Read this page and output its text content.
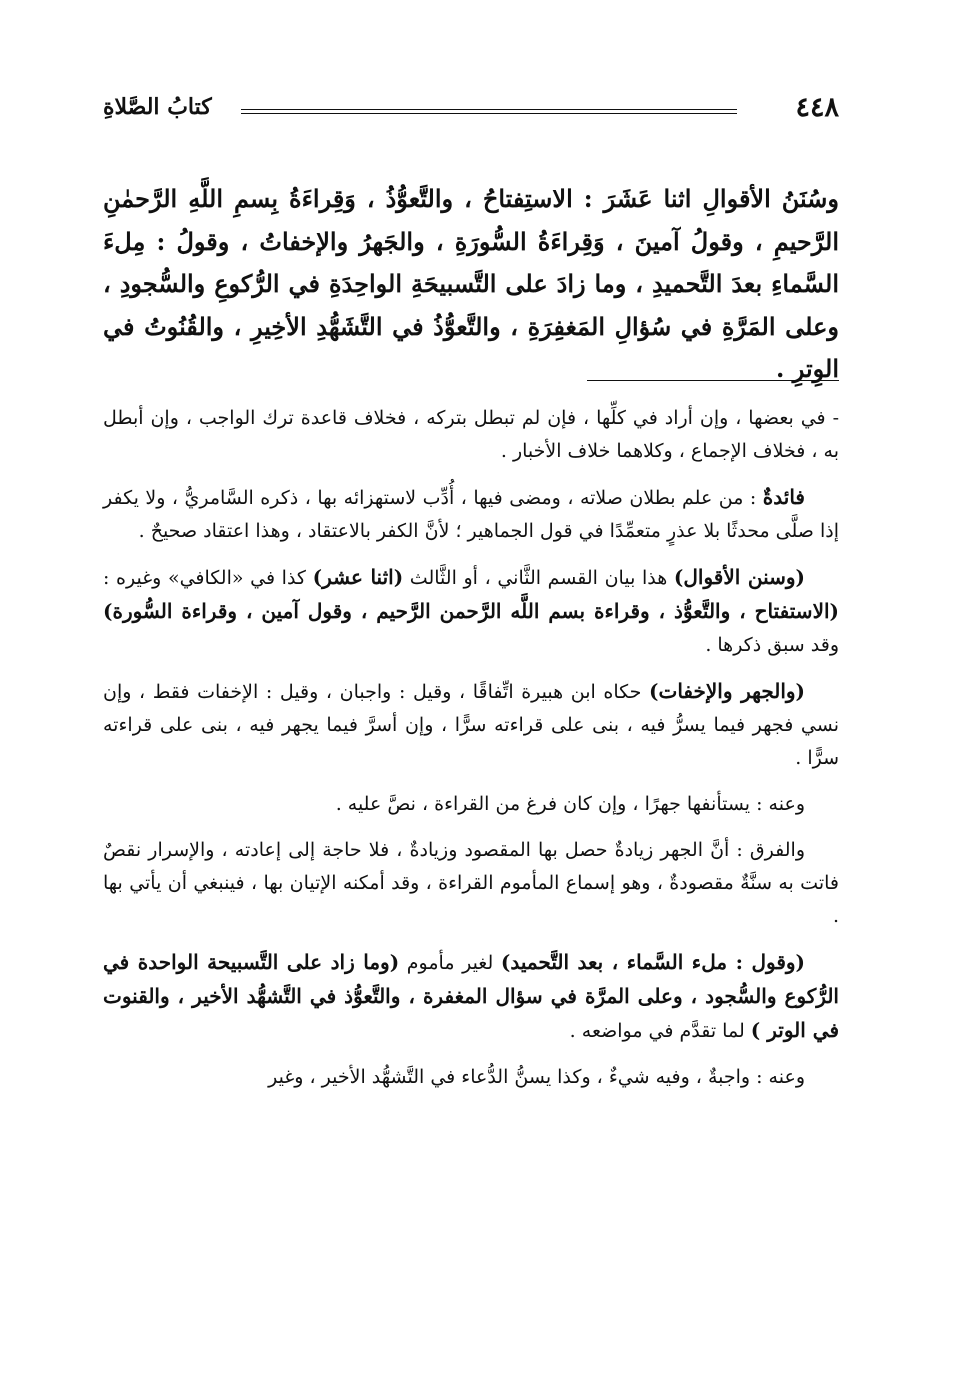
٤٤٨
كتابُ الصَّلاةِ
وسُنَنُ الأقوالِ اثنا عَشَرَ : الاستِفتاحُ ، والتَّعوُّذُ ، وَقِراءَةُ بِسمِ اللَّهِ الرَّحمٰنِ الرَّحيمِ ، وقولُ آمينَ ، وَقِراءَةُ السُّورَةِ ، والجَهرُ والإخفاتُ ، وقولُ : مِلءَ السَّماءِ بعدَ التَّحميدِ ، وما زادَ على التَّسبيحَةِ الواحِدَةِ في الرُّكوعِ والسُّجودِ ، وعلى المَرَّةِ في سُؤالِ المَغفِرَةِ ، والتَّعوُّذُ في التَّشَهُّدِ الأخِيرِ ، والقُنُوتُ في الوِترِ .

- في بعضها ، وإن أراد في كلِّها ، فإن لم تبطل بتركه ، فخلاف قاعدة ترك الواجب ، وإن أبطل به ، فخلاف الإجماع ، وكلاهما خلاف الأخبار .

فائدةٌ : من علم بطلان صلاته ، ومضى فيها ، أُدِّب لاستهزائه بها ، ذكره السَّامريُّ ، ولا يكفر إذا صلَّى محدثًا بلا عذرٍ متعمِّدًا في قول الجماهير ؛ لأنَّ الكفر بالاعتقاد ، وهذا اعتقاد صحيحٌ .

(وسنن الأقوال) هذا بيان القسم الثَّاني ، أو الثَّالث (اثنا عشر) كذا في «الكافي» وغيره : (الاستفتاح ، والتَّعوُّذ ، وقراءة بسم اللَّه الرَّحمن الرَّحيم ، وقول آمين ، وقراءة السُّورة) وقد سبق ذكرها .

(والجهر والإخفات) حكاه ابن هبيرة اتِّفاقًا ، وقيل : واجبان ، وقيل : الإخفات فقط ، وإن نسي فجهر فيما يسرُّ فيه ، بنى على قراءته سرًّا ، وإن أسرَّ فيما يجهر فيه ، بنى على قراءته سرًّا .

وعنه : يستأنفها جهرًا ، وإن كان فرغ من القراءة ، نصَّ عليه .

والفرق : أنَّ الجهر زيادةٌ حصل بها المقصود وزيادةٌ ، فلا حاجة إلى إعادته ، والإسرار نقصٌ فاتت به سنَّةٌ مقصودةٌ ، وهو إسماع المأموم القراءة ، وقد أمكنه الإتيان بها ، فينبغي أن يأتي بها .

(وقول : ملء السَّماء ، بعد التَّحميد) لغير مأموم (وما زاد على التَّسبيحة الواحدة في الرُّكوع والسُّجود ، وعلى المرَّة في سؤال المغفرة ، والتَّعوُّذ في التَّشهُّد الأخير ، والقنوت في الوتر ) لما تقدَّم في مواضعه .

وعنه : واجبةٌ ، وفيه شيءٌ ، وكذا يسنُّ الدُّعاء في التَّشهُّد الأخير ، وغير
